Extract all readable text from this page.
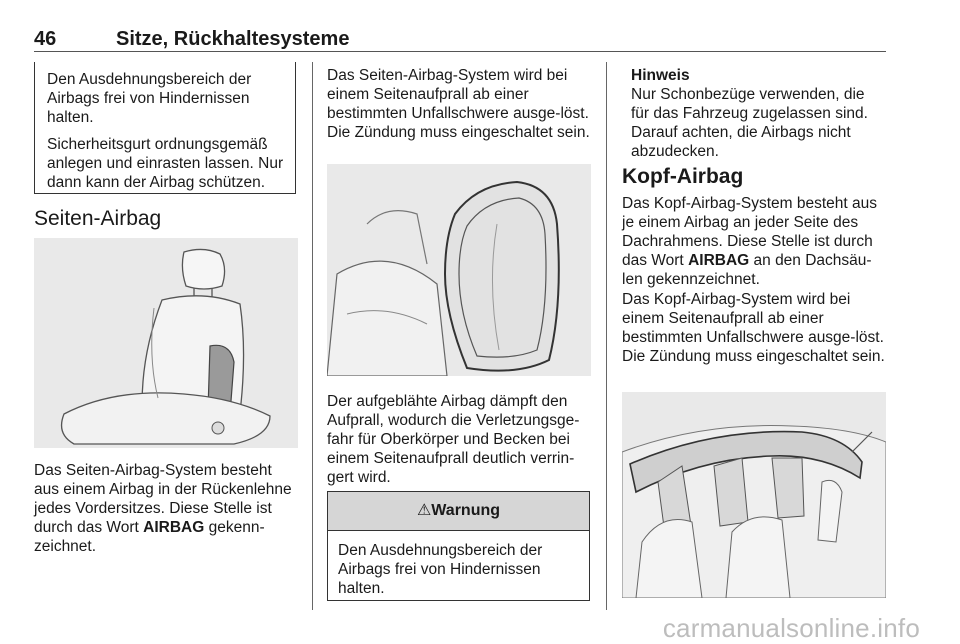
46	Sitze, Rückhaltesysteme

Den Ausdehnungsbereich der Airbags frei von Hindernissen halten.

Sicherheitsgurt ordnungsgemäß anlegen und einrasten lassen. Nur dann kann der Airbag schützen.

Seiten-Airbag

Das Seiten-Airbag-System besteht aus einem Airbag in der Rückenlehne jedes Vordersitzes. Diese Stelle ist durch das Wort AIRBAG gekenn-zeichnet.

Das Seiten-Airbag-System wird bei einem Seitenaufprall ab einer bestimmten Unfallschwere ausge-löst. Die Zündung muss eingeschaltet sein.

Der aufgeblähte Airbag dämpft den Aufprall, wodurch die Verletzungsge-fahr für Oberkörper und Becken bei einem Seitenaufprall deutlich verrin-gert wird.

⚠Warnung
Den Ausdehnungsbereich der Airbags frei von Hindernissen halten.
Hinweis
Nur Schonbezüge verwenden, die für das Fahrzeug zugelassen sind. Darauf achten, die Airbags nicht abzudecken.
Kopf-Airbag

Das Kopf-Airbag-System besteht aus je einem Airbag an jeder Seite des Dachrahmens. Diese Stelle ist durch das Wort AIRBAG an den Dachsäu-len gekennzeichnet.

Das Kopf-Airbag-System wird bei einem Seitenaufprall ab einer bestimmten Unfallschwere ausge-löst. Die Zündung muss eingeschaltet sein.

carmanualsonline.info
